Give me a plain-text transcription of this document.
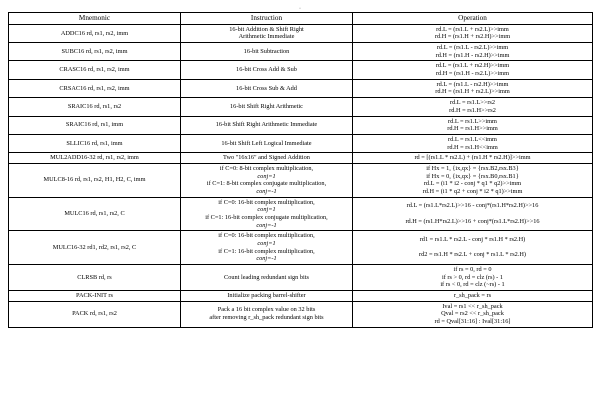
·
Mnemonic	Instruction	Operation
ADDC16 rd, rs1, rs2, imm	16-bit Addition & Shift Right
Arithmetic Immediate	rd.L = (rs1.L + rs2.L)>>imm
rd.H = (rs1.H + rs2.H)>>imm

SUBC16 rd, rs1, rs2, imm	16-bit Subtraction	rd.L = (rs1.L - rs2.L)>>imm
rd.H = (rs1.H - rs2.H)>>imm

CRASC16 rd, rs1, rs2, imm	16-bit Cross Add & Sub	rd.L = (rs1.L + rs2.H)>>imm
rd.H = (rs1.H - rs2.L)>>imm

CRSAC16 rd, rs1, rs2, imm	16-bit Cross Sub & Add	rd.L = (rs1.L - rs2.H)>>imm
rd.H = (rs1.H + rs2.L)>>imm

SRAIC16 rd, rs1, rs2	16-bit Shift Right Arithmetic	rd.L = rs1.L>>rs2
rd.H = rs1.H>>rs2

SRAIC16 rd, rs1, imm	16-bit Shift Right Arithmetic Immediate	rd.L = rs1.L>>imm
rd.H = rs1.H>>imm

SLLIC16 rd, rs1, imm	16-bit Shift Left Logical Immediate	rd.L = rs1.L<<imm
rd.H = rs1.H<<imm

MUL2ADD16-32 rd, rs1, rs2, imm	Two "16x16" and Signed Addition	rd = [(rs1.L * rs2.L) + (rs1.H * rs2.H)]>>imm

MULC8-16 rd, rs1, rs2, H1, H2, C, imm	if C=0: 8-bit complex multiplication,
conj=1
if C=1: 8-bit complex conjugate multiplication,
conj=-1	if Hx = 1, {ix,qx} = {rsx.B2,rsx.B3}
if Hx = 0, {ix,qx} = {rsx.B0,rsx.B1}
rd.L = (i1 * i2 - conj * q1 * q2)>>imm
rd.H = (i1 * q2 + conj * i2 * q1)>>imm

MULC16 rd, rs1, rs2, C	if C=0: 16-bit complex multiplication,
conj=1
if C=1: 16-bit complex conjugate multiplication,
conj=-1	rd.L = (rs1.L*rs2.L)>>16 - conj*(rs1.H*rs2.H)>>16

rd.H = (rs1.H*rs2.L)>>16 + conj*(rs1.L*rs2.H)>>16

MULC16-32 rd1, rd2, rs1, rs2, C	if C=0: 16-bit complex multiplication,
conj=1
if C=1: 16-bit complex multiplication,
conj=-1	rd1 = rs1.L * rs2.L - conj * rs1.H * rs2.H)

rd2 = rs1.H * rs2.L + conj * rs1.L * rs2.H)

CLRSB rd, rs	Count leading redundant sign bits	if rs = 0, rd = 0
if rs > 0, rd = clz (rs) - 1
if rs < 0, rd = clz (~rs) - 1

PACK-INIT rs	Initialize packing barrel-shifter	r_sh_pack = rs

PACK rd, rs1, rs2	Pack a 16 bit complex value on 32 bits
after removing r_sh_pack redundant sign bits	Ival = rs1 << r_sh_pack
Qval = rs2 << r_sh_pack
rd = Qval[31:16] : Ival[31:16]
